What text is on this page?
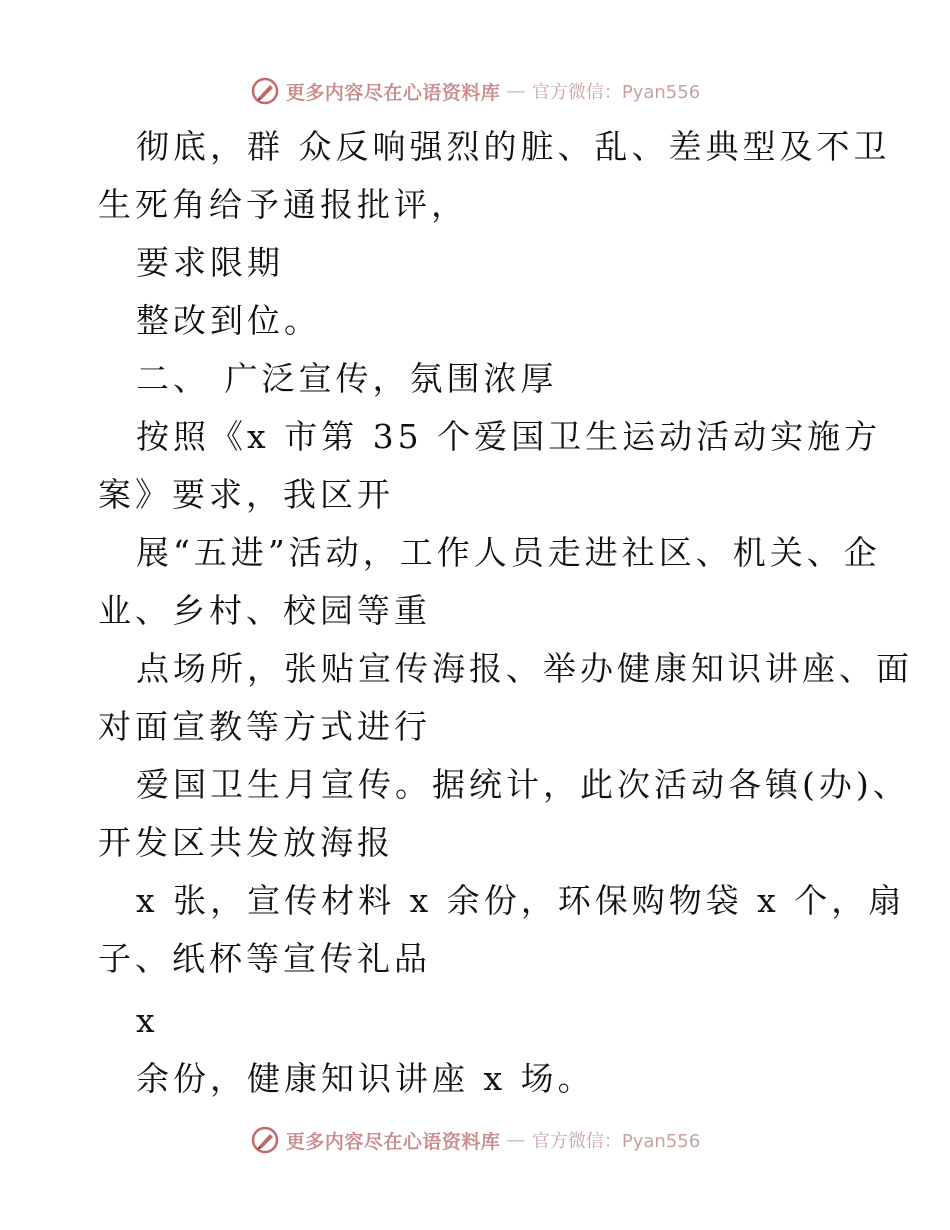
更多内容尽在心语资料库 — 官方微信：Pyan556
彻底，群 众反响强烈的脏、乱、差典型及不卫
生死角给予通报批评，
要求限期
整改到位。
二、 广泛宣传，氛围浓厚
按照《x 市第 35 个爱国卫生运动活动实施方
案》要求，我区开
展“五进”活动，工作人员走进社区、机关、企
业、乡村、校园等重
点场所，张贴宣传海报、举办健康知识讲座、面
对面宣教等方式进行
爱国卫生月宣传。据统计，此次活动各镇(办)、
开发区共发放海报
x 张，宣传材料 x 余份，环保购物袋 x 个，扇
子、纸杯等宣传礼品
x
余份，健康知识讲座 x 场。
更多内容尽在心语资料库 — 官方微信：Pyan556
